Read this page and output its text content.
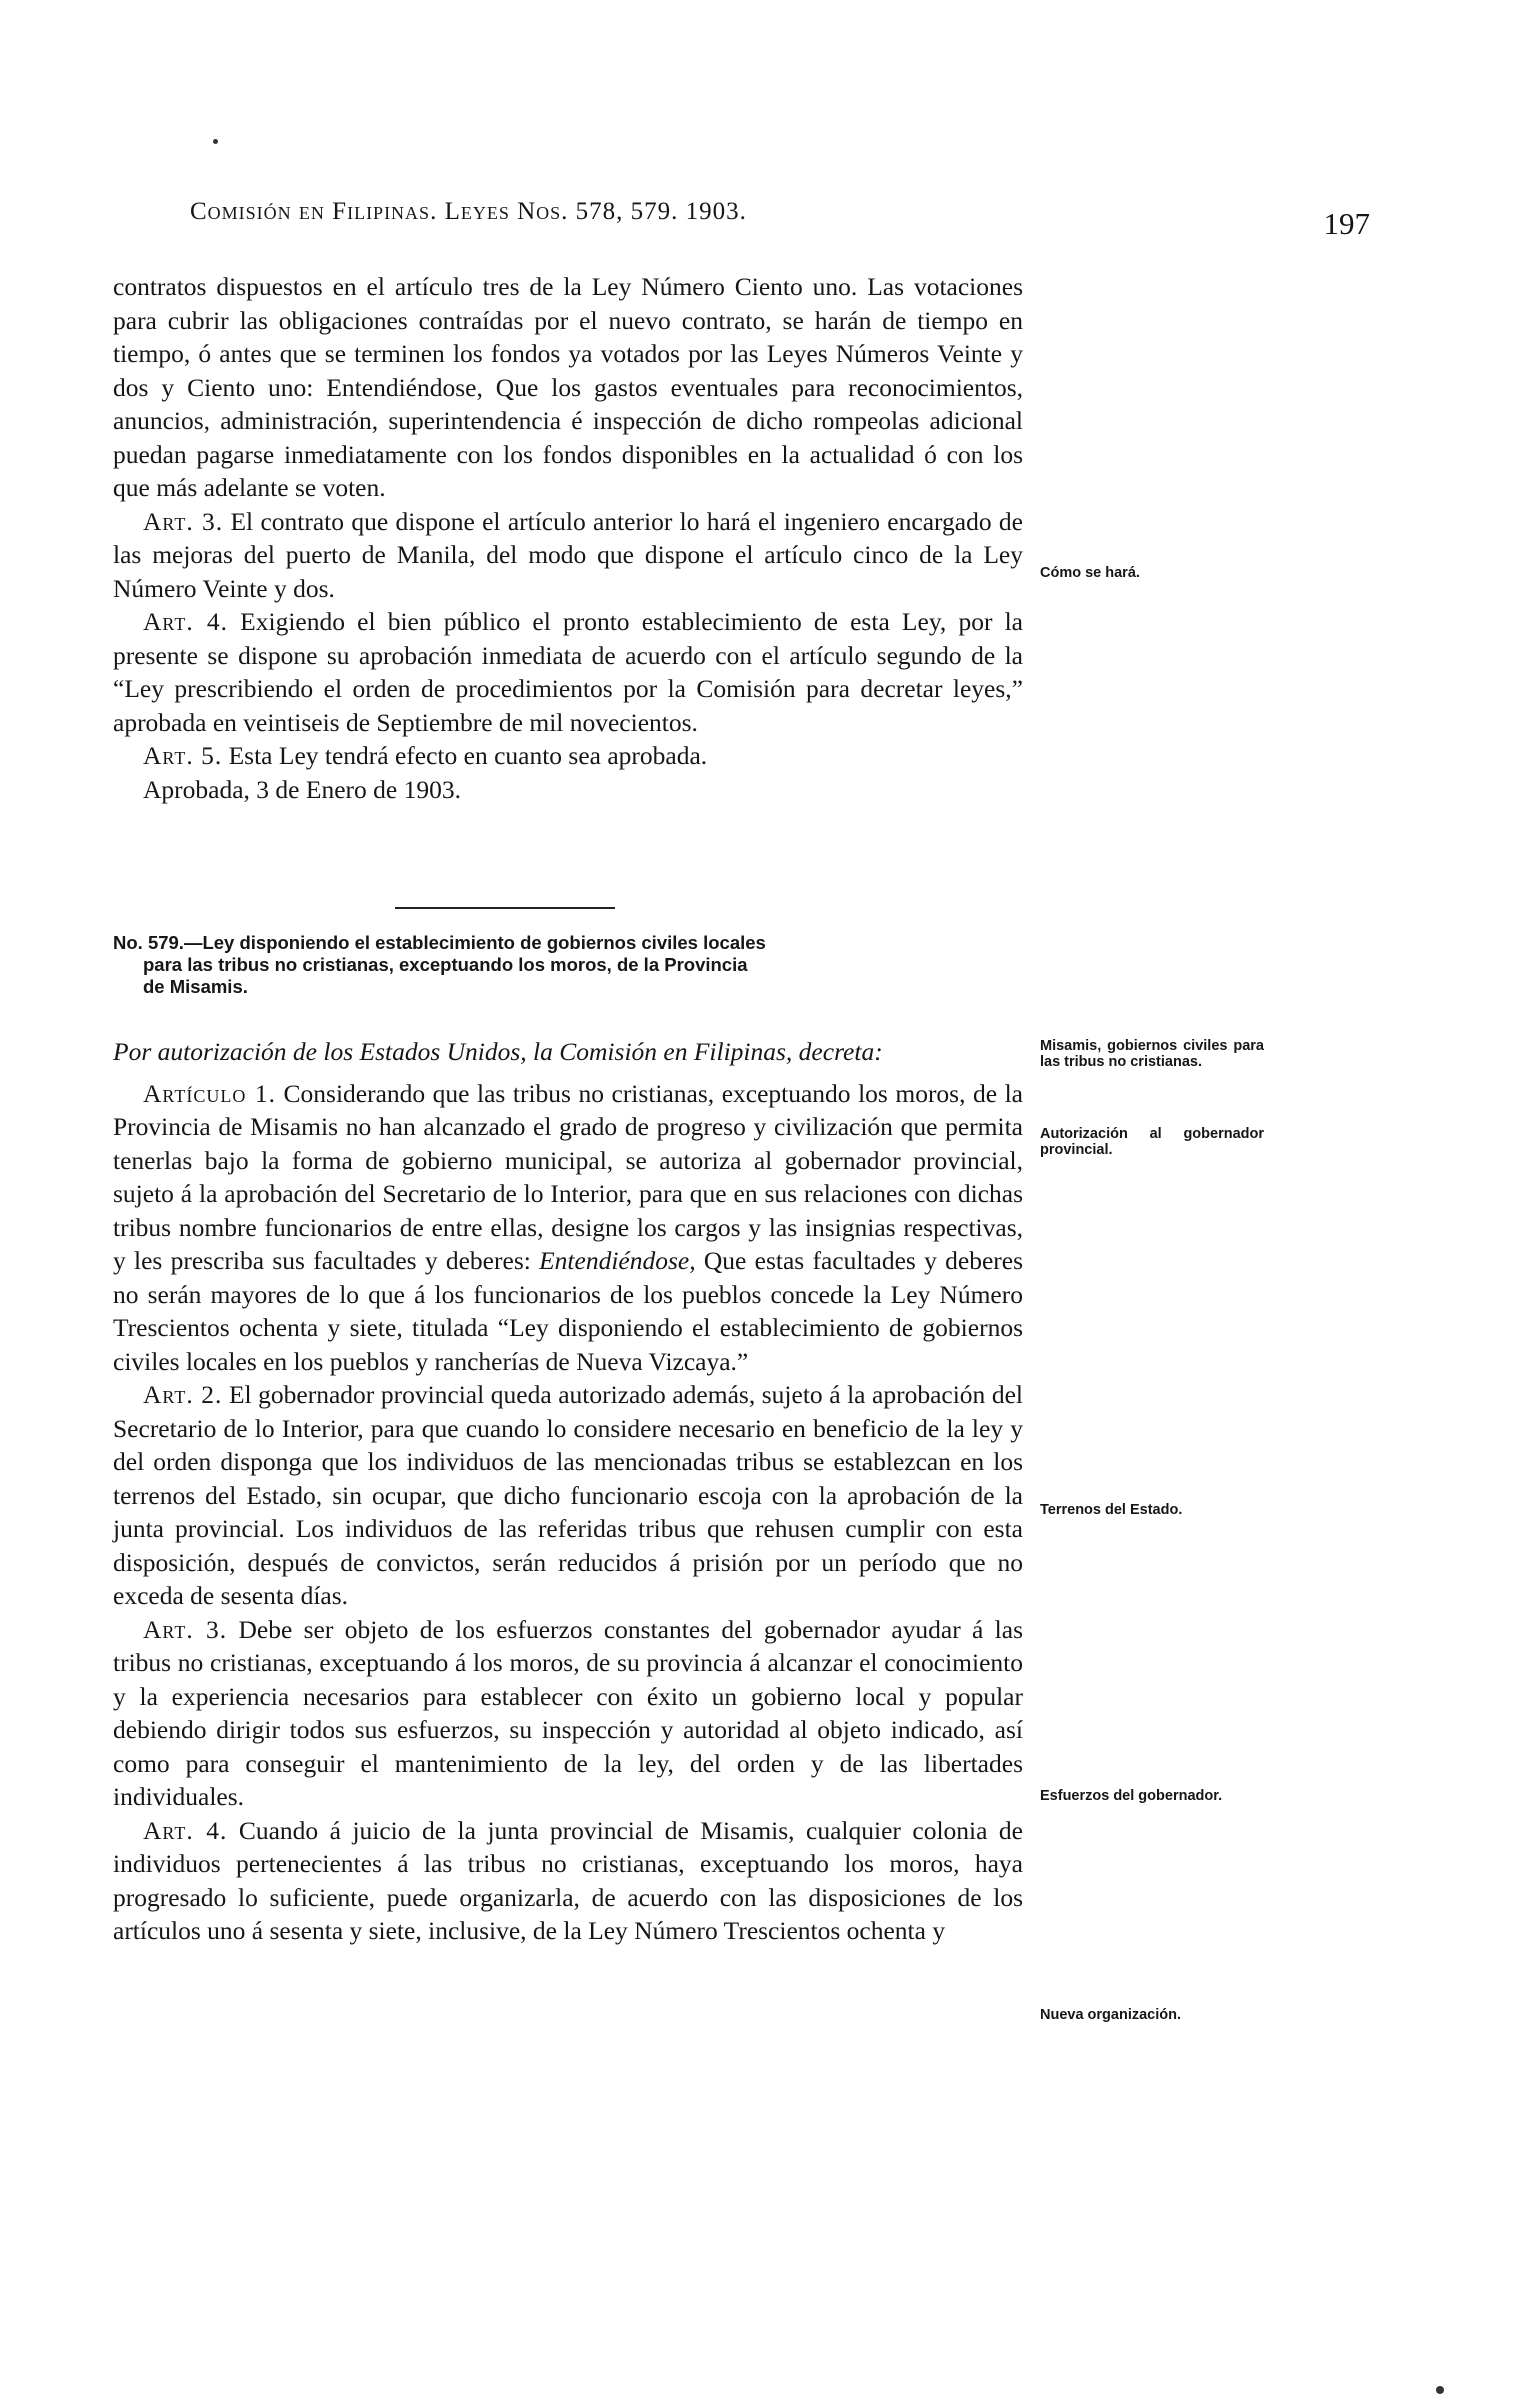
Comisión en Filipinas. Leyes Nos. 578, 579. 1903.	197

contratos dispuestos en el artículo tres de la Ley Número Ciento uno. Las votaciones para cubrir las obligaciones contraídas por el nuevo contrato, se harán de tiempo en tiempo, ó antes que se terminen los fondos ya votados por las Leyes Números Veinte y dos y Ciento uno: Entendiéndose, Que los gastos eventuales para reconocimientos, anuncios, administración, superintendencia é inspección de dicho rompeolas adicional puedan pagarse inmediatamente con los fondos disponibles en la actualidad ó con los que más adelante se voten.

Art. 3. El contrato que dispone el artículo anterior lo hará el ingeniero encargado de las mejoras del puerto de Manila, del modo que dispone el artículo cinco de la Ley Número Veinte y dos.

Art. 4. Exigiendo el bien público el pronto establecimiento de esta Ley, por la presente se dispone su aprobación inmediata de acuerdo con el artículo segundo de la “Ley prescribiendo el orden de procedimientos por la Comisión para decretar leyes,” aprobada en veintiseis de Septiembre de mil novecientos.

Art. 5. Esta Ley tendrá efecto en cuanto sea aprobada.

Aprobada, 3 de Enero de 1903.

No. 579.—Ley disponiendo el establecimiento de gobiernos civiles locales
para las tribus no cristianas, exceptuando los moros, de la Provincia
de Misamis.

Por autorización de los Estados Unidos, la Comisión en Filipinas, decreta:

Artículo 1. Considerando que las tribus no cristianas, exceptuando los moros, de la Provincia de Misamis no han alcanzado el grado de progreso y civilización que permita tenerlas bajo la forma de gobierno municipal, se autoriza al gobernador provincial, sujeto á la aprobación del Secretario de lo Interior, para que en sus relaciones con dichas tribus nombre funcionarios de entre ellas, designe los cargos y las insignias respectivas, y les prescriba sus facultades y deberes: Entendiéndose, Que estas facultades y deberes no serán mayores de lo que á los funcionarios de los pueblos concede la Ley Número Trescientos ochenta y siete, titulada “Ley disponiendo el establecimiento de gobiernos civiles locales en los pueblos y rancherías de Nueva Vizcaya.”

Art. 2. El gobernador provincial queda autorizado además, sujeto á la aprobación del Secretario de lo Interior, para que cuando lo considere necesario en beneficio de la ley y del orden disponga que los individuos de las mencionadas tribus se establezcan en los terrenos del Estado, sin ocupar, que dicho funcionario escoja con la aprobación de la junta provincial. Los individuos de las referidas tribus que rehusen cumplir con esta disposición, después de convictos, serán reducidos á prisión por un período que no exceda de sesenta días.

Art. 3. Debe ser objeto de los esfuerzos constantes del gobernador ayudar á las tribus no cristianas, exceptuando á los moros, de su provincia á alcanzar el conocimiento y la experiencia necesarios para establecer con éxito un gobierno local y popular debiendo dirigir todos sus esfuerzos, su inspección y autoridad al objeto indicado, así como para conseguir el mantenimiento de la ley, del orden y de las libertades individuales.

Art. 4. Cuando á juicio de la junta provincial de Misamis, cualquier colonia de individuos pertenecientes á las tribus no cristianas, exceptuando los moros, haya progresado lo suficiente, puede organizarla, de acuerdo con las disposiciones de los artículos uno á sesenta y siete, inclusive, de la Ley Número Trescientos ochenta y

Cómo se hará.
Misamis, gobiernos civiles para las tribus no cristianas.
Autorización al gobernador provincial.
Terrenos del Estado.
Esfuerzos del gobernador.
Nueva organización.
